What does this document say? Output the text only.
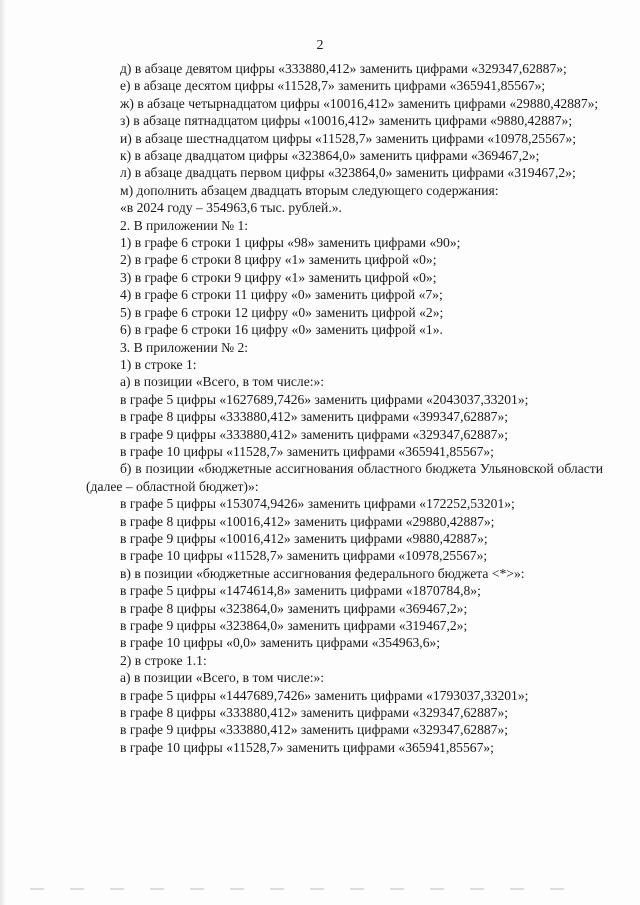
2

д) в абзаце девятом цифры «333880,412» заменить цифрами «329347,62887»;

е) в абзаце десятом цифры «11528,7» заменить цифрами «365941,85567»;

ж) в абзаце четырнадцатом цифры «10016,412» заменить цифрами «29880,42887»;

з) в абзаце пятнадцатом цифры «10016,412» заменить цифрами «9880,42887»;

и) в абзаце шестнадцатом цифры «11528,7» заменить цифрами «10978,25567»;

к) в абзаце двадцатом цифры «323864,0» заменить цифрами «369467,2»;

л) в абзаце двадцать первом цифры «323864,0» заменить цифрами «319467,2»;

м) дополнить абзацем двадцать вторым следующего содержания:

«в 2024 году – 354963,6 тыс. рублей.».

2. В приложении № 1:

1) в графе 6 строки 1 цифры «98» заменить цифрами «90»;

2) в графе 6 строки 8 цифру «1» заменить цифрой «0»;

3) в графе 6 строки 9 цифру «1» заменить цифрой «0»;

4) в графе 6 строки 11 цифру «0» заменить цифрой «7»;

5) в графе 6 строки 12 цифру «0» заменить цифрой «2»;

6) в графе 6 строки 16 цифру «0» заменить цифрой «1».

3. В приложении № 2:

1) в строке 1:

а) в позиции «Всего, в том числе:»:

в графе 5 цифры «1627689,7426» заменить цифрами «2043037,33201»;

в графе 8 цифры «333880,412» заменить цифрами «399347,62887»;

в графе 9 цифры «333880,412» заменить цифрами «329347,62887»;

в графе 10 цифры «11528,7» заменить цифрами «365941,85567»;

б) в позиции «бюджетные ассигнования областного бюджета Ульяновской области (далее – областной бюджет)»:

в графе 5 цифры «153074,9426» заменить цифрами «172252,53201»;

в графе 8 цифры «10016,412» заменить цифрами «29880,42887»;

в графе 9 цифры «10016,412» заменить цифрами «9880,42887»;

в графе 10 цифры «11528,7» заменить цифрами «10978,25567»;

в) в позиции «бюджетные ассигнования федерального бюджета <*>»:

в графе 5 цифры «1474614,8» заменить цифрами «1870784,8»;

в графе 8 цифры «323864,0» заменить цифрами «369467,2»;

в графе 9 цифры «323864,0» заменить цифрами «319467,2»;

в графе 10 цифры «0,0» заменить цифрами «354963,6»;

2) в строке 1.1:

а) в позиции «Всего, в том числе:»:

в графе 5 цифры «1447689,7426» заменить цифрами «1793037,33201»;

в графе 8 цифры «333880,412» заменить цифрами «329347,62887»;

в графе 9 цифры «333880,412» заменить цифрами «329347,62887»;

в графе 10 цифры «11528,7» заменить цифрами «365941,85567»;
